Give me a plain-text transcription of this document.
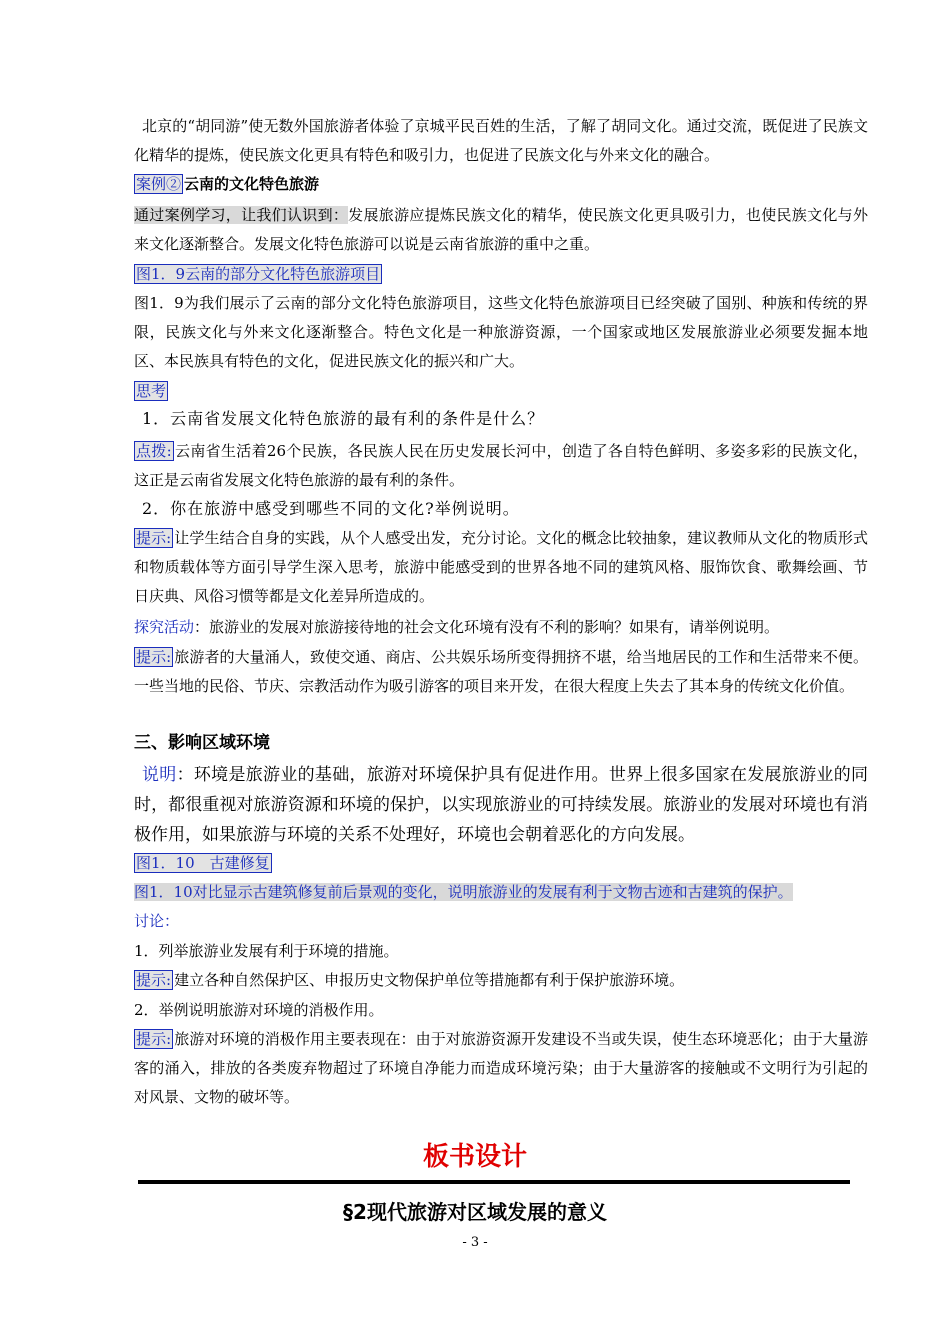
北京的“胡同游”使无数外国旅游者体验了京城平民百姓的生活，了解了胡同文化。通过交流，既促进了民族文化精华的提炼，使民族文化更具有特色和吸引力，也促进了民族文化与外来文化的融合。

案例② 云南的文化特色旅游

通过案例学习，让我们认识到：发展旅游应提炼民族文化的精华，使民族文化更具吸引力，也使民族文化与外来文化逐渐整合。发展文化特色旅游可以说是云南省旅游的重中之重。

图1．9云南的部分文化特色旅游项目

图1．9为我们展示了云南的部分文化特色旅游项目，这些文化特色旅游项目已经突破了国别、种族和传统的界限，民族文化与外来文化逐渐整合。特色文化是一种旅游资源，一个国家或地区发展旅游业必须要发掘本地区、本民族具有特色的文化，促进民族文化的振兴和广大。

思考

1．云南省发展文化特色旅游的最有利的条件是什么？

点拨: 云南省生活着26个民族，各民族人民在历史发展长河中，创造了各自特色鲜明、多姿多彩的民族文化，这正是云南省发展文化特色旅游的最有利的条件。

2．你在旅游中感受到哪些不同的文化?举例说明。

提示: 让学生结合自身的实践，从个人感受出发，充分讨论。文化的概念比较抽象，建议教师从文化的物质形式和物质载体等方面引导学生深入思考，旅游中能感受到的世界各地不同的建筑风格、服饰饮食、歌舞绘画、节日庆典、风俗习惯等都是文化差异所造成的。

探究活动：旅游业的发展对旅游接待地的社会文化环境有没有不利的影响？如果有，请举例说明。

提示: 旅游者的大量涌人，致使交通、商店、公共娱乐场所变得拥挤不堪，给当地居民的工作和生活带来不便。一些当地的民俗、节庆、宗教活动作为吸引游客的项目来开发，在很大程度上失去了其本身的传统文化价值。

三、影响区域环境

说明：环境是旅游业的基础，旅游对环境保护具有促进作用。世界上很多国家在发展旅游业的同时，都很重视对旅游资源和环境的保护，以实现旅游业的可持续发展。旅游业的发展对环境也有消极作用，如果旅游与环境的关系不处理好，环境也会朝着恶化的方向发展。

图1．10　古建修复

图1．10对比显示古建筑修复前后景观的变化，说明旅游业的发展有利于文物古迹和古建筑的保护。

讨论：

1．列举旅游业发展有利于环境的措施。

提示: 建立各种自然保护区、申报历史文物保护单位等措施都有利于保护旅游环境。

2．举例说明旅游对环境的消极作用。

提示: 旅游对环境的消极作用主要表现在：由于对旅游资源开发建设不当或失误，使生态环境恶化；由于大量游客的涌入，排放的各类废弃物超过了环境自净能力而造成环境污染；由于大量游客的接触或不文明行为引起的对风景、文物的破坏等。

板书设计

§2现代旅游对区域发展的意义

- 3 -
